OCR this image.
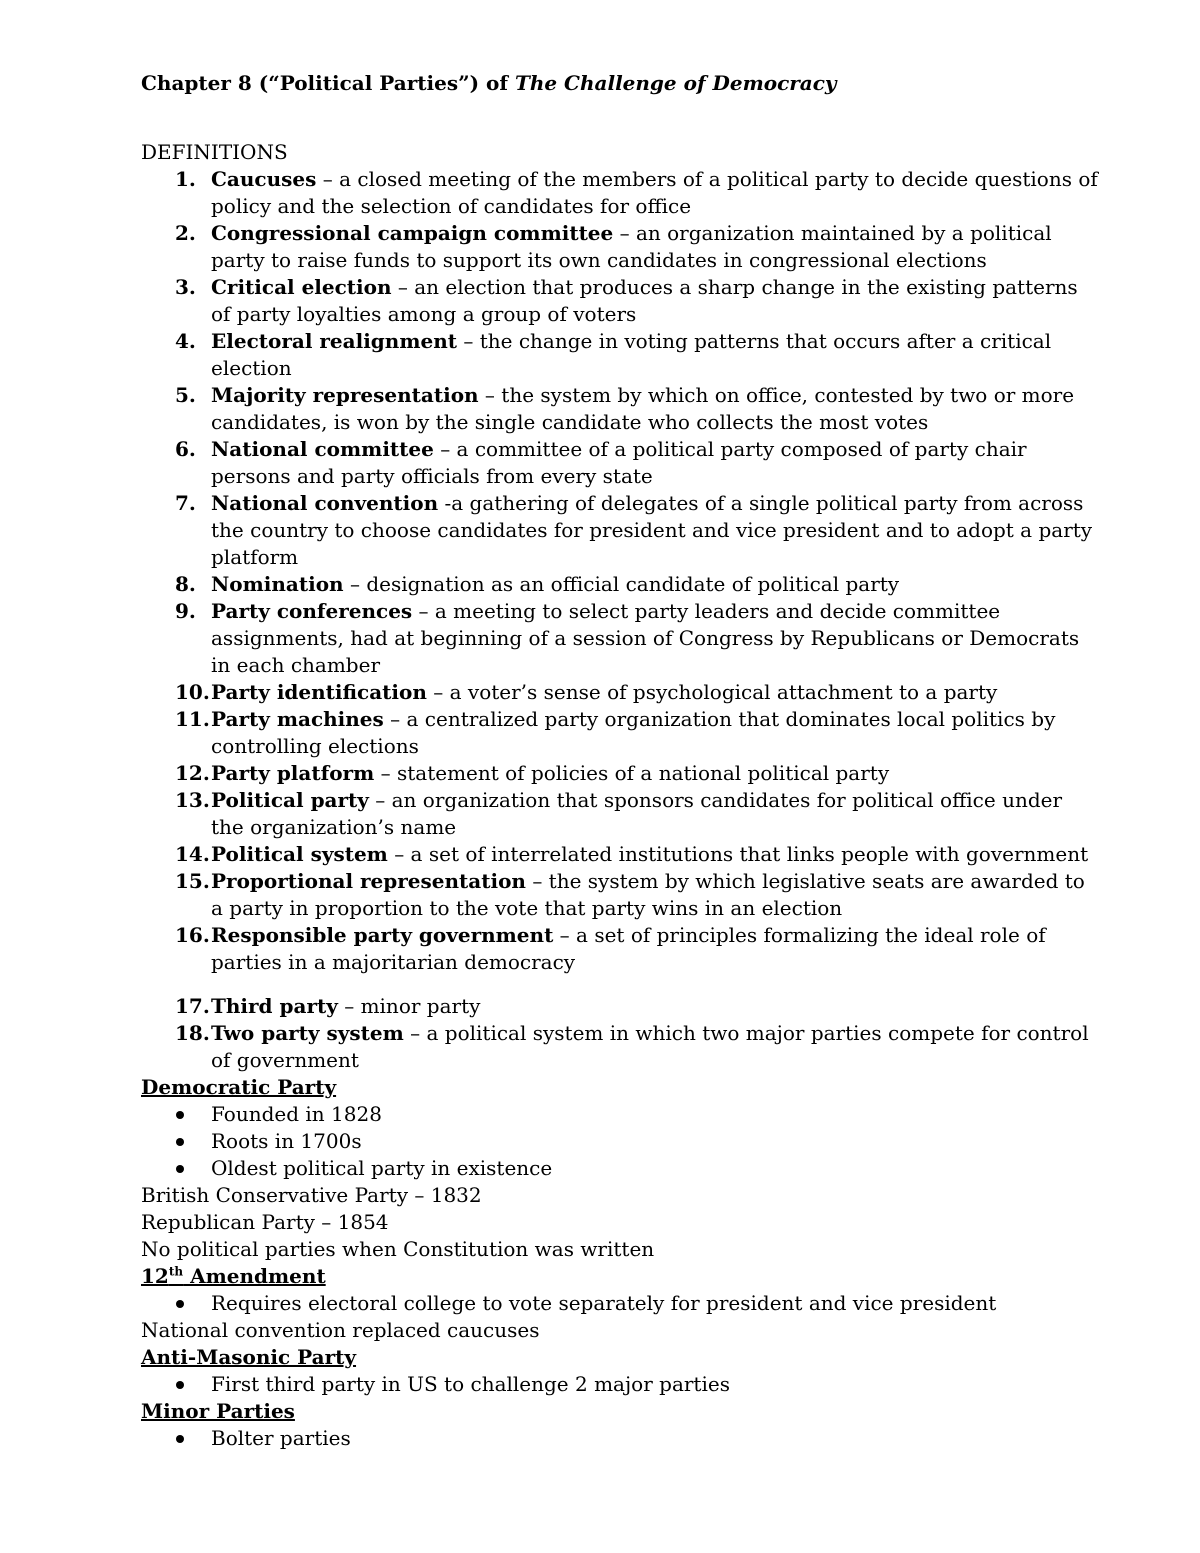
Chapter 8 (“Political Parties”) of The Challenge of Democracy

DEFINITIONS

1. Caucuses – a closed meeting of the members of a political party to decide questions of policy and the selection of candidates for office
2. Congressional campaign committee – an organization maintained by a political party to raise funds to support its own candidates in congressional elections
3. Critical election – an election that produces a sharp change in the existing patterns of party loyalties among a group of voters
4. Electoral realignment – the change in voting patterns that occurs after a critical election
5. Majority representation – the system by which on office, contested by two or more candidates, is won by the single candidate who collects the most votes
6. National committee – a committee of a political party composed of party chair persons and party officials from every state
7. National convention -a gathering of delegates of a single political party from across the country to choose candidates for president and vice president and to adopt a party platform
8. Nomination – designation as an official candidate of political party
9. Party conferences – a meeting to select party leaders and decide committee assignments, had at beginning of a session of Congress by Republicans or Democrats in each chamber
10. Party identification – a voter’s sense of psychological attachment to a party
11. Party machines – a centralized party organization that dominates local politics by controlling elections
12. Party platform – statement of policies of a national political party
13. Political party – an organization that sponsors candidates for political office under the organization’s name
14. Political system – a set of interrelated institutions that links people with government
15. Proportional representation – the system by which legislative seats are awarded to a party in proportion to the vote that party wins in an election
16. Responsible party government – a set of principles formalizing the ideal role of parties in a majoritarian democracy
17. Third party – minor party
18. Two party system – a political system in which two major parties compete for control of government

Democratic Party

Founded in 1828
Roots in 1700s
Oldest political party in existence

British Conservative Party – 1832

Republican Party – 1854

No political parties when Constitution was written

12th Amendment

Requires electoral college to vote separately for president and vice president

National convention replaced caucuses

Anti-Masonic Party

First third party in US to challenge 2 major parties

Minor Parties

Bolter parties
